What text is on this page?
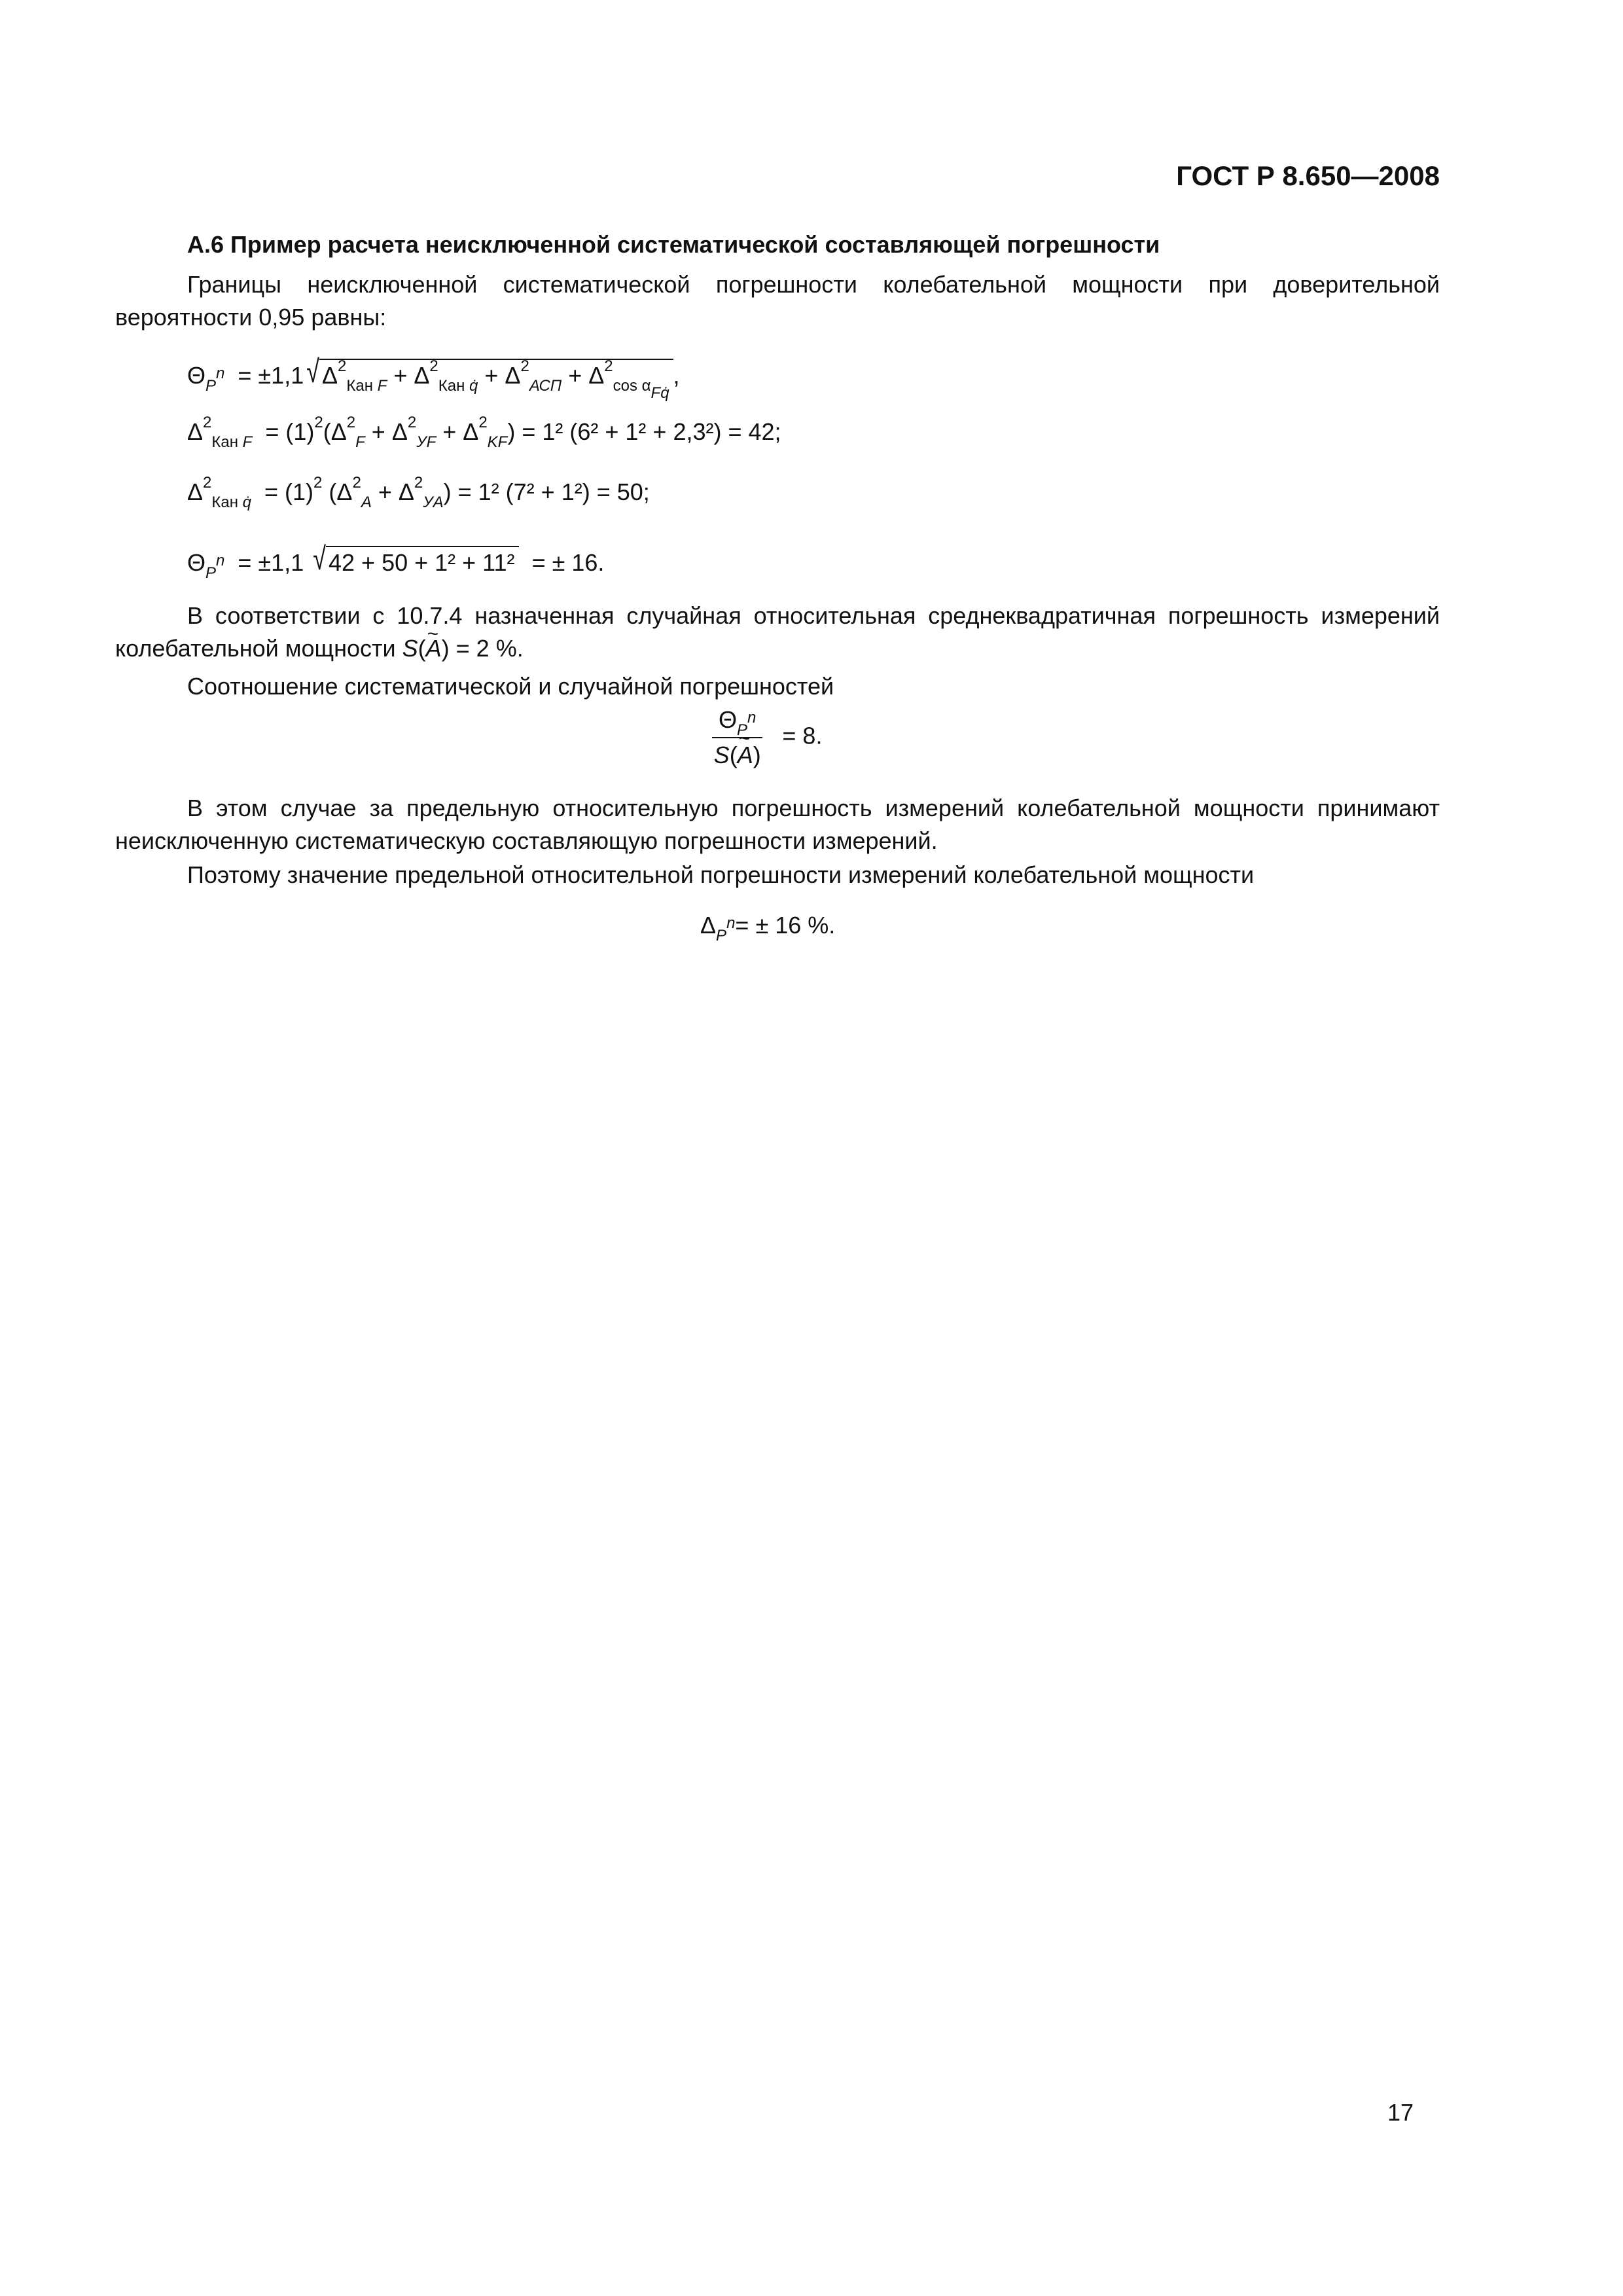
ГОСТ Р 8.650—2008
А.6 Пример расчета неисключенной систематической составляющей погрешности
Границы неисключенной систематической погрешности колебательной мощности при доверительной вероятности 0,95 равны:
$\Theta_{P^n} = \pm 1,1$ √ $\Delta^2_{Кан F} + \Delta^2_{Кан q̇} + \Delta^2_{АСП} + \Delta^2_{cos \alpha_{Fq̇}}$,
$\Delta^2_{Кан F} = (1)^2(\Delta^2_F + \Delta^2_{УF} + \Delta^2_{KF}) = 1^2$ (6² + 1² + 2,3²) = 42;
$\Delta^2_{Кан q̇} = (1)^2$ $(\Delta^2_A + \Delta^2_{УA}) = 1^2$ (7² + 1²) = 50;
$\Theta_{P^n} = \pm 1,1$ √ 42 + 50 + 1² + 11² = ± 16.
В соответствии с 10.7.4 назначенная случайная относительная среднеквадратичная погрешность измерений колебательной мощности S(~ A) = 2 %.
Соотношение систематической и случайной погрешностей
$\frac{\Theta_{P^n}}{S(\sim A)} = 8$.
В этом случае за предельную относительную погрешность измерений колебательной мощности принимают неисключенную систематическую составляющую погрешности измерений.
Поэтому значение предельной относительной погрешности измерений колебательной мощности
$\Delta_{P^n}= \pm 16$ %.
17
